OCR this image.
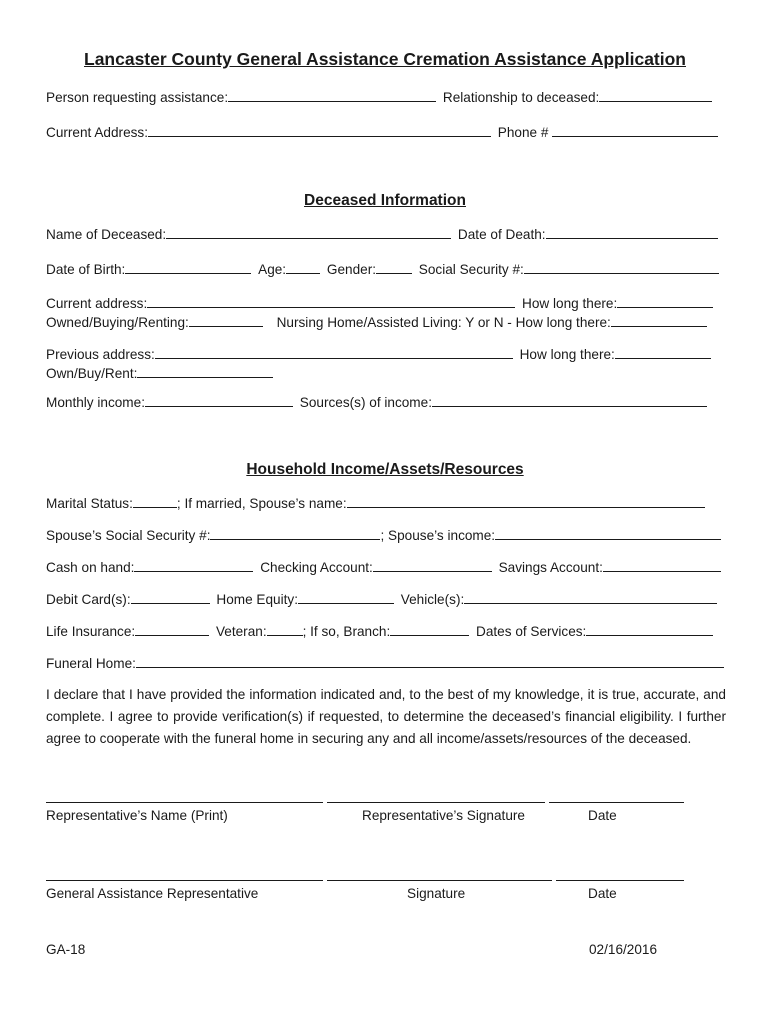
Lancaster County General Assistance Cremation Assistance Application
Person requesting assistance:	Relationship to deceased:
Current Address:	Phone #
Deceased Information
Name of Deceased:	Date of Death:
Date of Birth:	Age:	Gender:	Social Security #:
Current address:	How long there:
Owned/Buying/Renting:	Nursing Home/Assisted Living: Y or N - How long there:
Previous address:	How long there:
Own/Buy/Rent:
Monthly income:	Sources(s) of income:
Household Income/Assets/Resources
Marital Status:	; If married, Spouse’s name:
Spouse’s Social Security #:	; Spouse’s income:
Cash on hand:	Checking Account:	Savings Account:
Debit Card(s):	Home Equity:	Vehicle(s):
Life Insurance:	Veteran:	; If so, Branch:	Dates of Services:
Funeral Home:
I declare that I have provided the information indicated and, to the best of my knowledge, it is true, accurate, and complete. I agree to provide verification(s) if requested, to determine the deceased’s financial eligibility. I further agree to cooperate with the funeral home in securing any and all income/assets/resources of the deceased.
Representative’s Name (Print)	Representative’s Signature	Date
General Assistance Representative	Signature	Date
GA-18	02/16/2016
